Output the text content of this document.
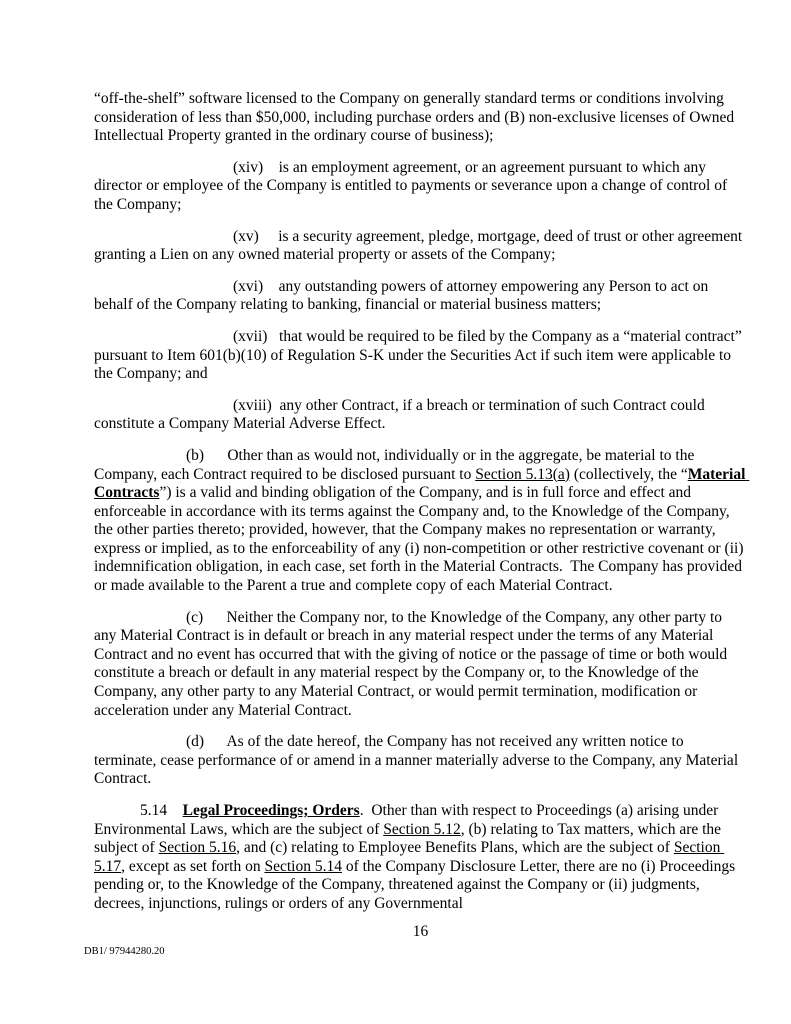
“off-the-shelf” software licensed to the Company on generally standard terms or conditions involving consideration of less than $50,000, including purchase orders and (B) non-exclusive licenses of Owned Intellectual Property granted in the ordinary course of business);

(xiv)    is an employment agreement, or an agreement pursuant to which any director or employee of the Company is entitled to payments or severance upon a change of control of the Company;

(xv)     is a security agreement, pledge, mortgage, deed of trust or other agreement granting a Lien on any owned material property or assets of the Company;

(xvi)    any outstanding powers of attorney empowering any Person to act on behalf of the Company relating to banking, financial or material business matters;

(xvii)   that would be required to be filed by the Company as a “material contract” pursuant to Item 601(b)(10) of Regulation S-K under the Securities Act if such item were applicable to the Company; and

(xviii)  any other Contract, if a breach or termination of such Contract could constitute a Company Material Adverse Effect.

(b)      Other than as would not, individually or in the aggregate, be material to the Company, each Contract required to be disclosed pursuant to Section 5.13(a) (collectively, the “Material Contracts”) is a valid and binding obligation of the Company, and is in full force and effect and enforceable in accordance with its terms against the Company and, to the Knowledge of the Company, the other parties thereto; provided, however, that the Company makes no representation or warranty, express or implied, as to the enforceability of any (i) non-competition or other restrictive covenant or (ii) indemnification obligation, in each case, set forth in the Material Contracts.  The Company has provided or made available to the Parent a true and complete copy of each Material Contract.

(c)      Neither the Company nor, to the Knowledge of the Company, any other party to any Material Contract is in default or breach in any material respect under the terms of any Material Contract and no event has occurred that with the giving of notice or the passage of time or both would constitute a breach or default in any material respect by the Company or, to the Knowledge of the Company, any other party to any Material Contract, or would permit termination, modification or acceleration under any Material Contract.

(d)      As of the date hereof, the Company has not received any written notice to terminate, cease performance of or amend in a manner materially adverse to the Company, any Material Contract.

5.14    Legal Proceedings; Orders.  Other than with respect to Proceedings (a) arising under Environmental Laws, which are the subject of Section 5.12, (b) relating to Tax matters, which are the subject of Section 5.16, and (c) relating to Employee Benefits Plans, which are the subject of Section 5.17, except as set forth on Section 5.14 of the Company Disclosure Letter, there are no (i) Proceedings pending or, to the Knowledge of the Company, threatened against the Company or (ii) judgments, decrees, injunctions, rulings or orders of any Governmental

16
DB1/ 97944280.20
